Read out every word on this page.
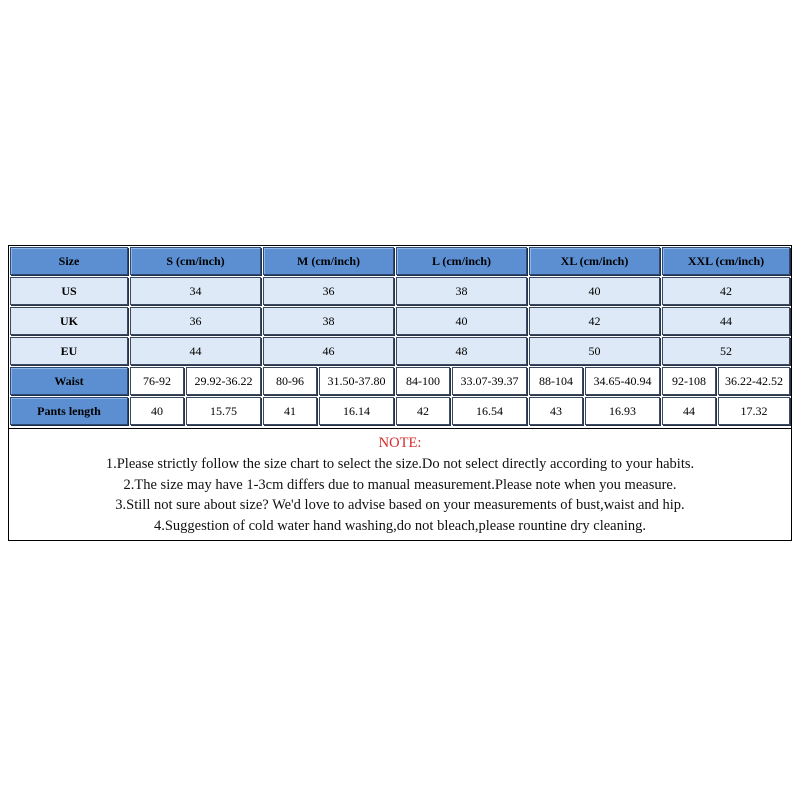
Size	S (cm/inch)		M (cm/inch)		L (cm/inch)		XL (cm/inch)		XXL (cm/inch)	

US	34		36		38		40		42	

UK	36		38		40		42		44	

EU	44		46		48		50		52	

Waist	76-92	29.92-36.22	80-96	31.50-37.80	84-100	33.07-39.37	88-104	34.65-40.94	92-108	36.22-42.52

Pants length	40	15.75	41	16.14	42	16.54	43	16.93	44	17.32
NOTE:
1.Please strictly follow the size chart to select the size.Do not select directly according to your habits.
2.The size may have 1-3cm differs due to manual measurement.Please note when you measure.
3.Still not sure about size? We'd love to advise based on your measurements of bust,waist and hip.
4.Suggestion of cold water hand washing,do not bleach,please rountine dry cleaning.
